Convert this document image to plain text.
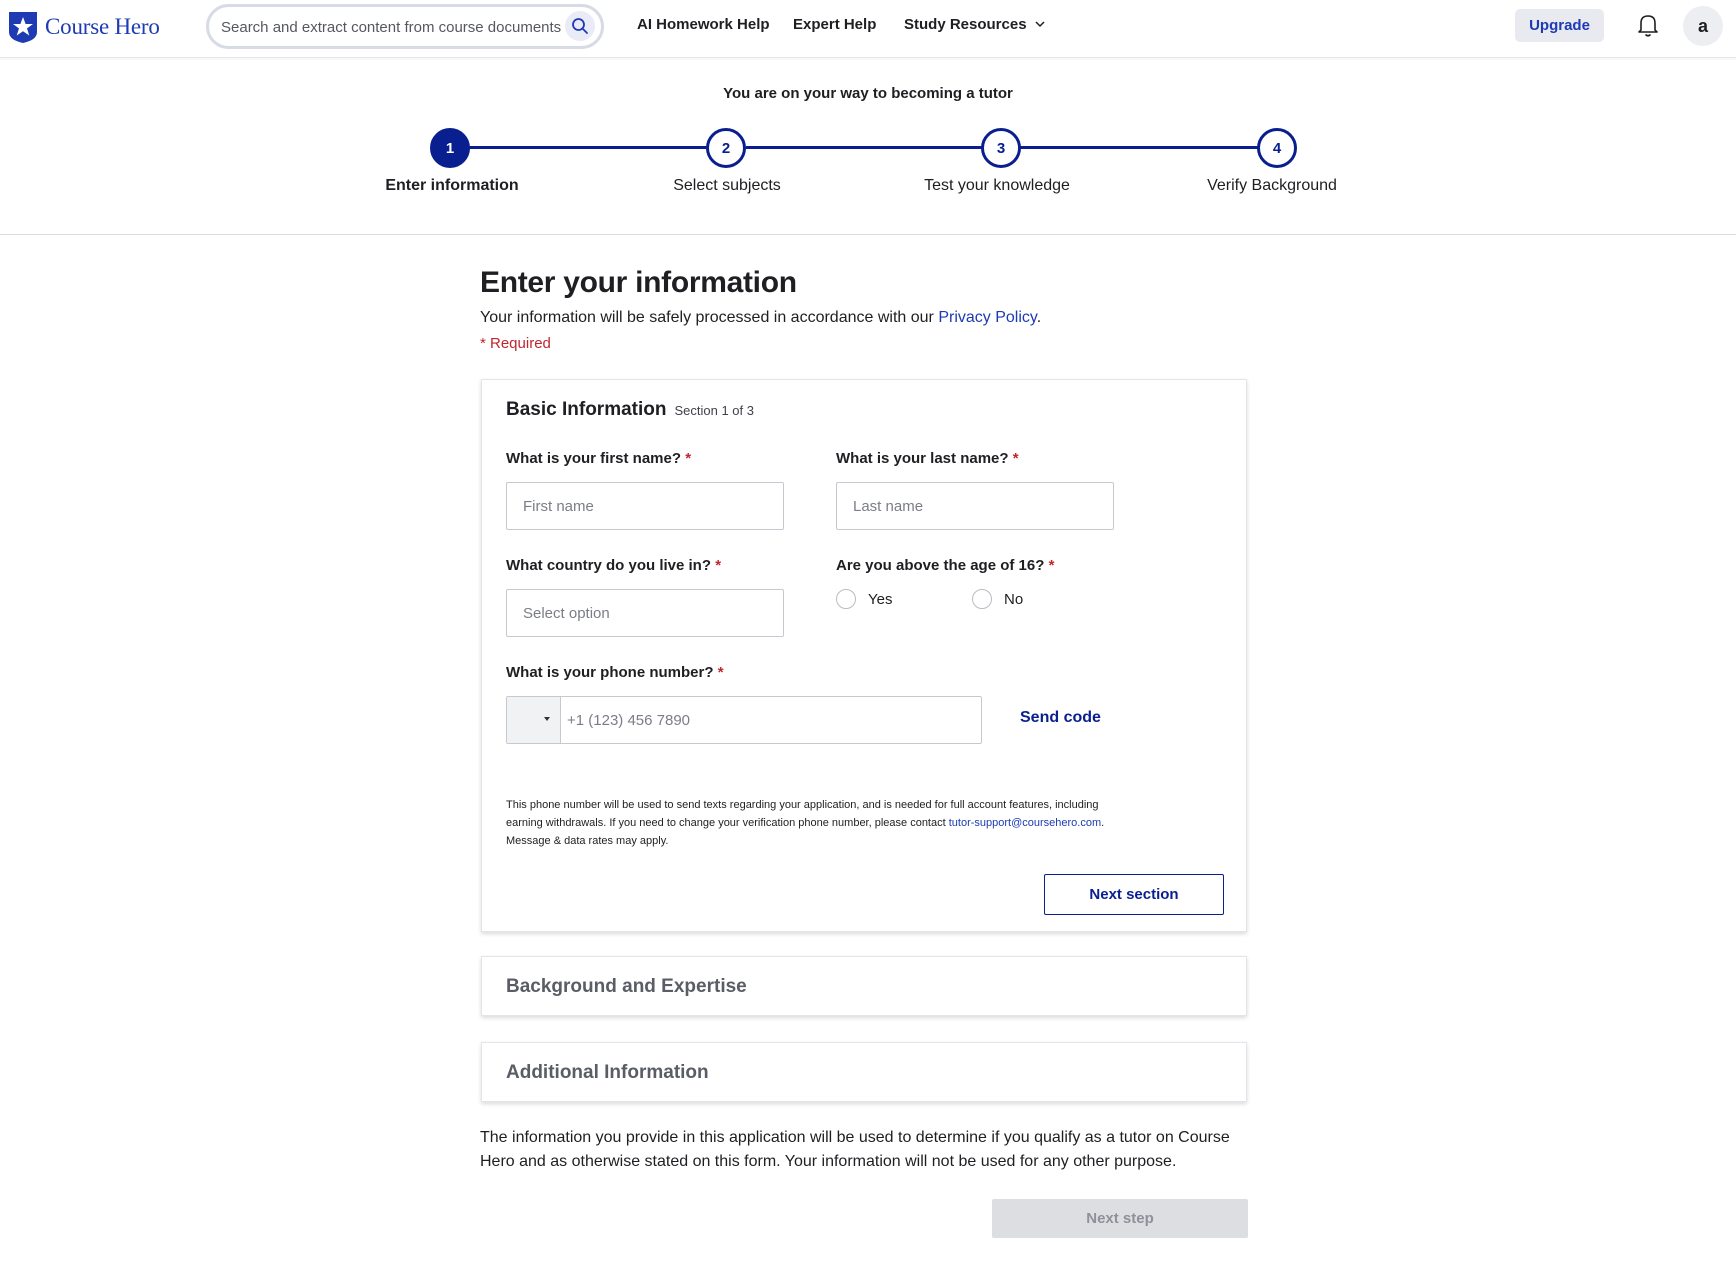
Course Hero
Search and extract content from course documents,	AI Homework Help Expert Help Study Resources	Upgrade	a
You are on your way to becoming a tutor
1	2	3	4
Enter information	Select subjects	Test your knowledge	Verify Background
Enter your information

Your information will be safely processed in accordance with our Privacy Policy.

* Required

Basic Information Section 1 of 3
What is your first name? *
First name	What is your last name? *
Last name
What country do you live in? *
Select option
Are you above the age of 16? *
Yes	No
What is your phone number? *
+1 (123) 456 7890
Send code

This phone number will be used to send texts regarding your application, and is needed for full account features, including earning withdrawals. If you need to change your verification phone number, please contact tutor-support@coursehero.com. Message & data rates may apply.

Next section
Background and Expertise
Additional Information

The information you provide in this application will be used to determine if you qualify as a tutor on Course Hero and as otherwise stated on this form. Your information will not be used for any other purpose.

Next step
